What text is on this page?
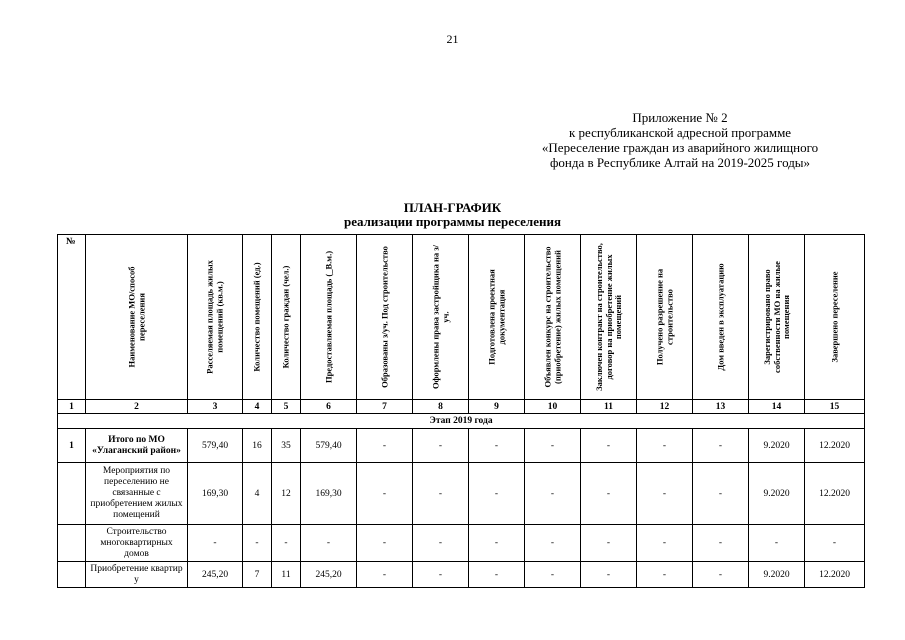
21
Приложение № 2
к республиканской адресной программе
«Переселение граждан из аварийного жилищного
фонда в Республике Алтай на 2019-2025 годы»
ПЛАН-ГРАФИК
реализации программы переселения
№	Наименование МО/способ переселения	Расселяемая площадь жилых помещений (кв.м.)	Количество помещений (ед.)	Количество граждан (чел.)	Предоставляемая площадь (_В.м.)	Образованы з/уч. Под строительство	Оформлены права застройщика на з/уч.	Подготовлена проектная документация	Объявлен конкурс на строительство (приобретение) жилых помещений	Заключен контракт на строительство, договор на приобретение жилых помещений	Получено разрешение на строительство	Дом введен в эксплуатацию	Зарегистрировано право собственности МО на жилые помещения	Завершено переселение

1	2	3	4	5	6	7	8	9	10	11	12	13	14	15
Этап 2019 года														
1	Итого по МО «Улаганский район»	579,40	16	35	579,40	-	-	-	-	-	-	-	9.2020	12.2020
	Мероприятия по переселению не связанные с приобретением жилых помещений	169,30	4	12	169,30	-	-	-	-	-	-	-	9.2020	12.2020
	Строительство многоквартирных домов	-	-	-	-	-	-	-	-	-	-	-	-	-
	Приобретение квартир у	245,20	7	11	245,20	-	-	-	-	-	-	-	9.2020	12.2020
